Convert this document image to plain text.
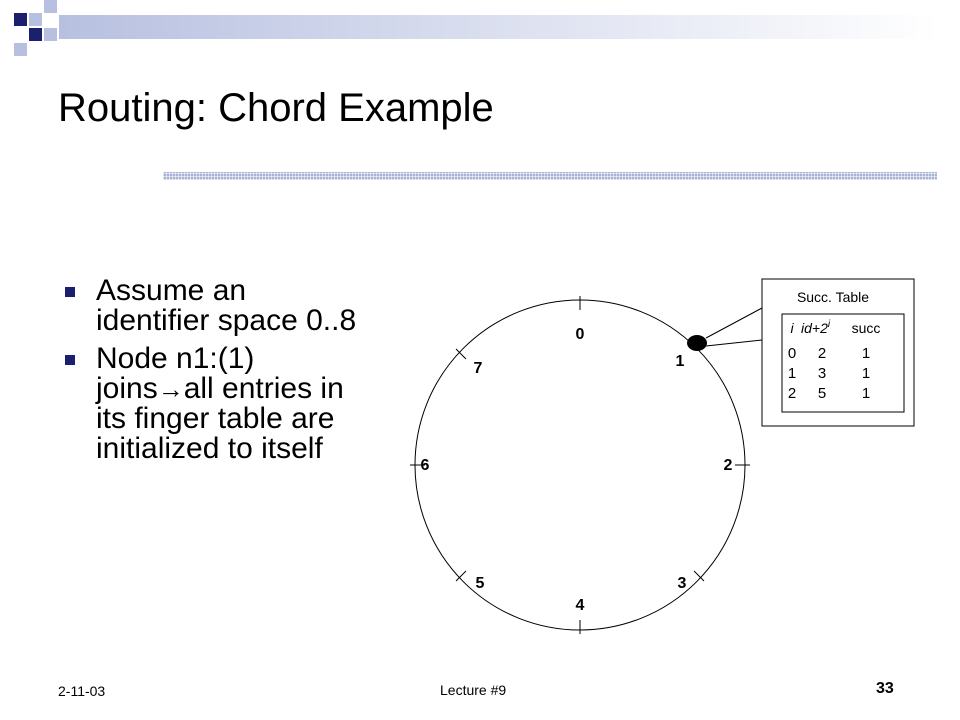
Routing: Chord Example
Assume an identifier space 0..8
Node n1:(1) joins→all entries in its finger table are initialized to itself
0
1
2
3
4
5
6
7
Succ. Table
i $id+2^i$ succ
0 2 1
1 3 1
2 5 1
2-11-03	Lecture #9	33
